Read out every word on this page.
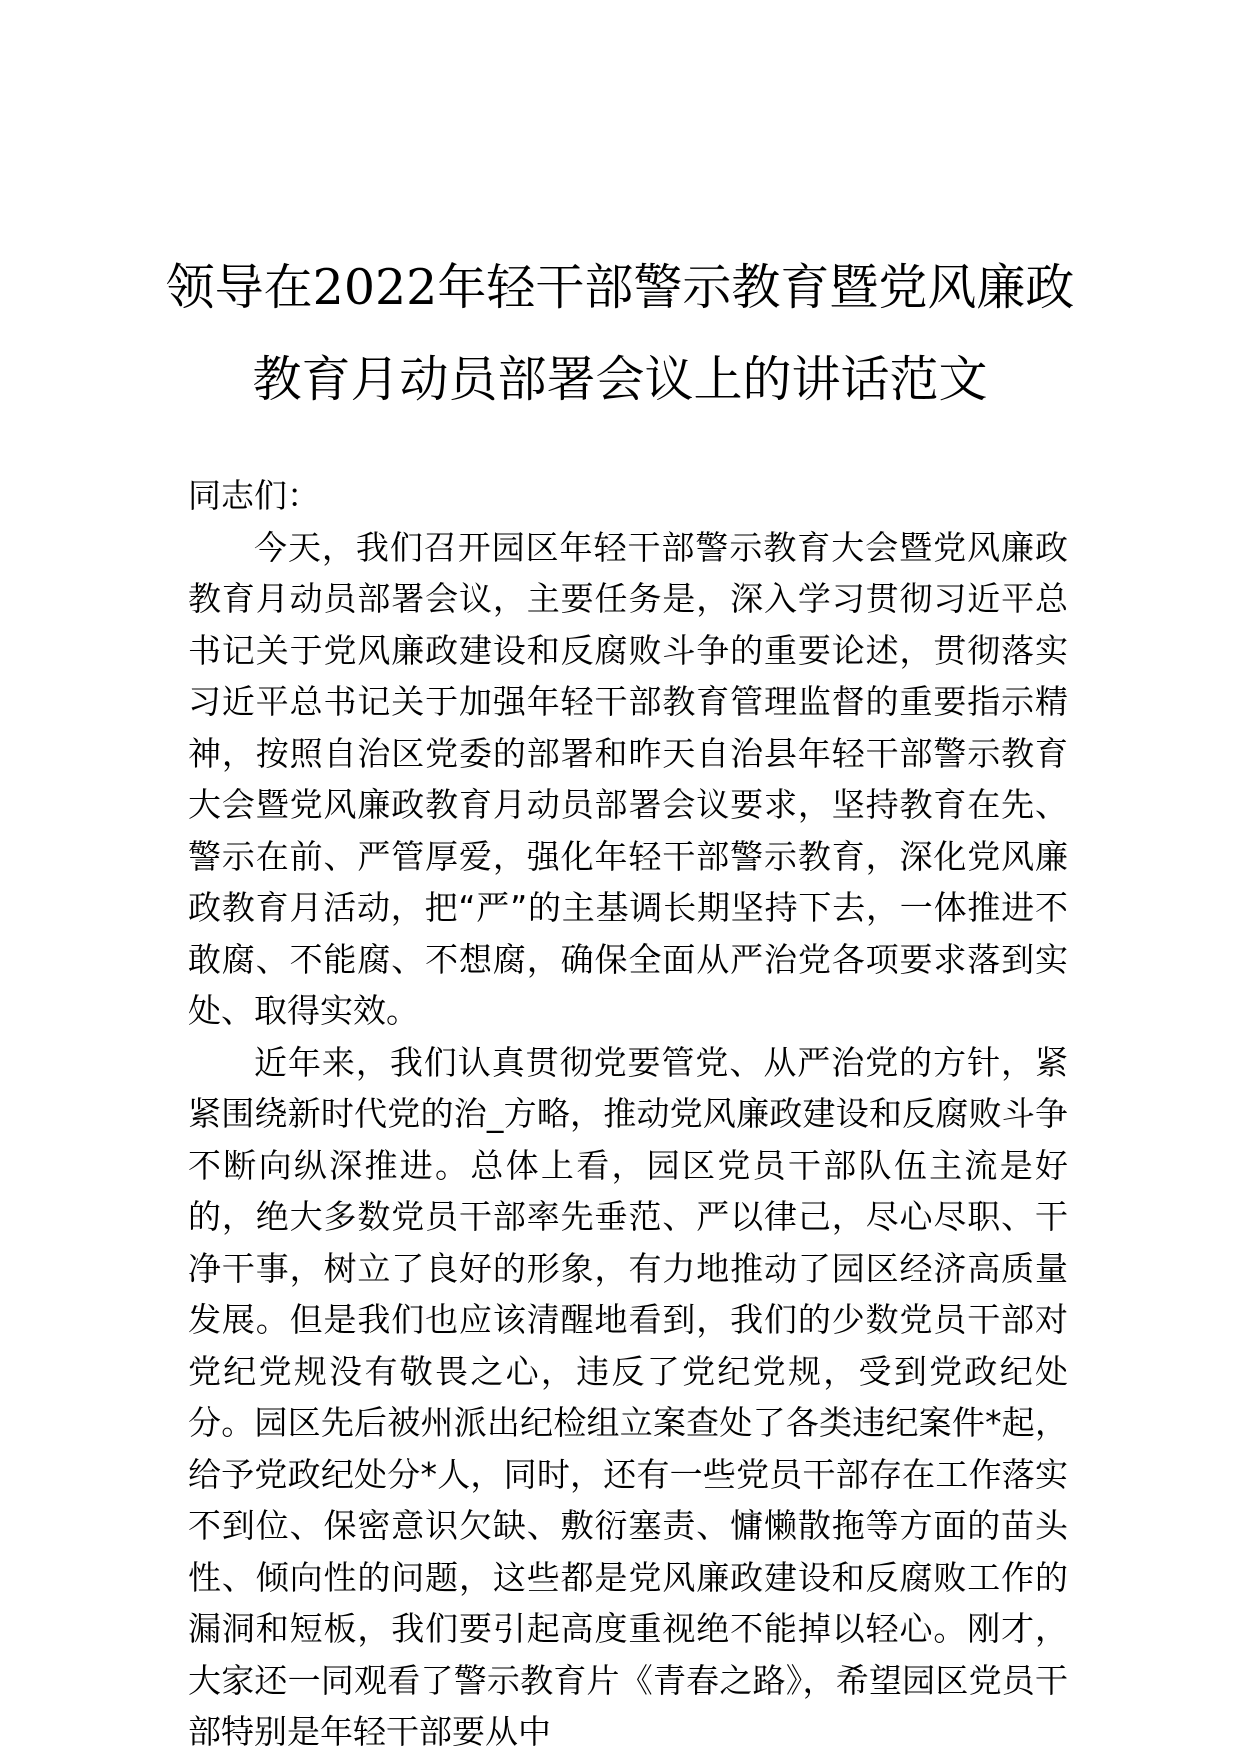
领导在2022年轻干部警示教育暨党风廉政
教育月动员部署会议上的讲话范文

同志们：

今天，我们召开园区年轻干部警示教育大会暨党风廉政教育月动员部署会议，主要任务是，深入学习贯彻习近平总书记关于党风廉政建设和反腐败斗争的重要论述，贯彻落实习近平总书记关于加强年轻干部教育管理监督的重要指示精神，按照自治区党委的部署和昨天自治县年轻干部警示教育大会暨党风廉政教育月动员部署会议要求，坚持教育在先、警示在前、严管厚爱，强化年轻干部警示教育，深化党风廉政教育月活动，把“严”的主基调长期坚持下去，一体推进不敢腐、不能腐、不想腐，确保全面从严治党各项要求落到实处、取得实效。

近年来，我们认真贯彻党要管党、从严治党的方针，紧紧围绕新时代党的治_方略，推动党风廉政建设和反腐败斗争不断向纵深推进。总体上看，园区党员干部队伍主流是好的，绝大多数党员干部率先垂范、严以律己，尽心尽职、干净干事，树立了良好的形象，有力地推动了园区经济高质量发展。但是我们也应该清醒地看到，我们的少数党员干部对党纪党规没有敬畏之心，违反了党纪党规，受到党政纪处分。园区先后被州派出纪检组立案查处了各类违纪案件*起，给予党政纪处分*人，同时，还有一些党员干部存在工作落实不到位、保密意识欠缺、敷衍塞责、慵懒散拖等方面的苗头性、倾向性的问题，这些都是党风廉政建设和反腐败工作的漏洞和短板，我们要引起高度重视绝不能掉以轻心。刚才，大家还一同观看了警示教育片《青春之路》，希望园区党员干部特别是年轻干部要从中
